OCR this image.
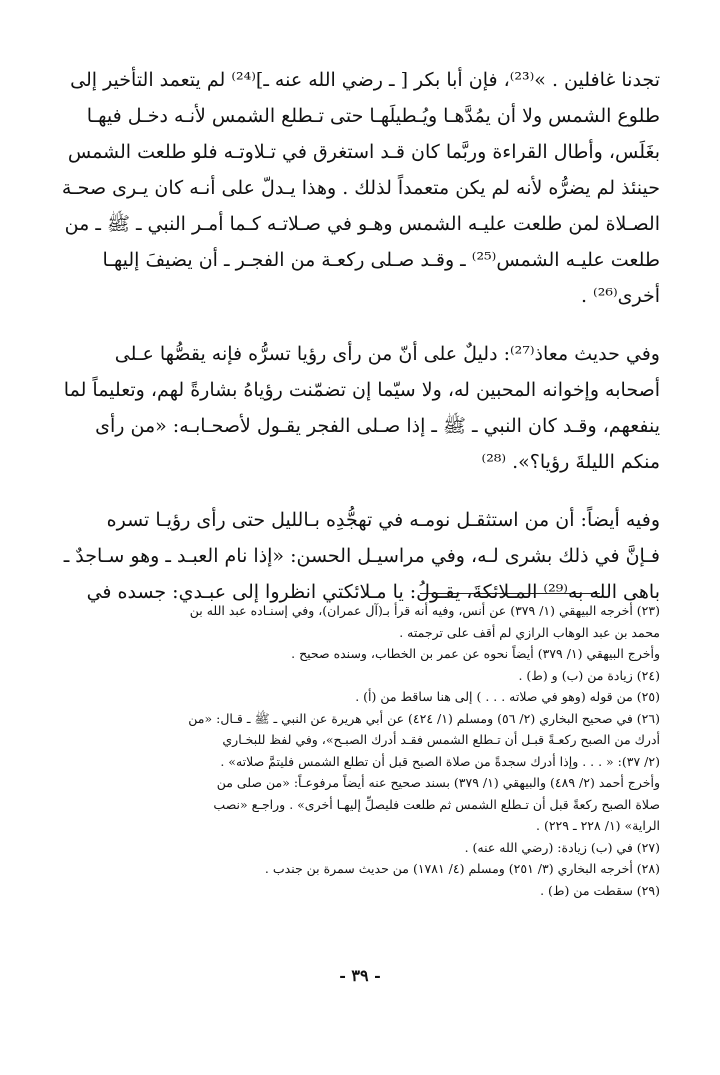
تجدنا غافلين . »⁽²³⁾، فإن أبا بكر [ ـ رضي الله عنه ـ]⁽²⁴⁾ لم يتعمد التأخير إلى
طلوع الشمس ولا أن يمُدَّهـا ويُـطيلَهـا حتى تـطلع الشمس لأنـه دخـل فيهـا
بغَلَس، وأطال القراءة وربَّما كان قـد استغرق في تـلاوتـه فلو طلعت الشمس
حينئذ لم يضرُّه لأنه لم يكن متعمداً لذلك . وهذا يـدلّ على أنـه كان يـرى صحـة
الصـلاة لمن طلعت عليـه الشمس وهـو في صـلاتـه كـما أمـر النبي ـ ﷺ ـ من
طلعت عليـه الشمس⁽²⁵⁾ ـ وقـد صـلى ركعـة من الفجـر ـ أن يضيفَ إليهـا
أخرى⁽²⁶⁾ .
وفي حديث معاذ⁽²⁷⁾: دليلٌ على أنّ من رأى رؤيا تسرُّه فإنه يقصُّها عـلى
أصحابه وإخوانه المحبين له، ولا سيّما إن تضمّنت رؤياهُ بشارةً لهم، وتعليماً لما
ينفعهم، وقـد كان النبي ـ ﷺ ـ إذا صـلى الفجر يقـول لأصحـابـه: «من رأى
منكم الليلةَ رؤيا؟». ⁽²⁸⁾
وفيه أيضاً: أن من استثقـل نومـه في تهجُّدِه بـالليل حتى رأى رؤيـا تسره
فـإنَّ في ذلك بشرى لـه، وفي مراسيـل الحسن: «إذا نام العبـد ـ وهو سـاجدٌ ـ
باهى الله به⁽²⁹⁾ المـلائكةَ، يقـولُ: يا مـلائكتي انظروا إلى عبـدي: جسده في
(٢٣) أخرجه البيهقي (١/ ٣٧٩) عن أنس، وفيه أنه قرأ بـ(آل عمران)، وفي إسنـاده عبد الله بن
محمد بن عبد الوهاب الرازي لم أقف على ترجمته .
وأخرج البيهقي (١/ ٣٧٩) أيضاً نحوه عن عمر بن الخطاب، وسنده صحيح .
(٢٤) زيادة من (ب) و (ط) .
(٢٥) من قوله (وهو في صلاته . . . ) إلى هنا ساقط من (أ) .
(٢٦) في صحيح البخاري (٢/ ٥٦) ومسلم (١/ ٤٢٤) عن أبي هريرة عن النبي ـ ﷺ ـ قـال: «من
أدرك من الصبح ركعـةً قبـل أن تـطلع الشمس فقـد أدرك الصبـح»، وفي لفظ للبخـاري
(٢/ ٣٧): « . . . وإذا أدرك سجدةً من صلاة الصبح قبل أن تطلع الشمس فليتمَّ صلاته» .
وأخرج أحمد (٢/ ٤٨٩) والبيهقي (١/ ٣٧٩) بسند صحيح عنه أيضاً مرفوعـاً: «من صلى من
صلاة الصبح ركعةً قبل أن تـطلع الشمس ثم طلعت فليصلِّ إليهـا أخرى» . وراجـع «نصب
الراية» (١/ ٢٢٨ ـ ٢٢٩) .
(٢٧) في (ب) زيادة: (رضي الله عنه) .
(٢٨) أخرجه البخاري (٣/ ٢٥١) ومسلم (٤/ ١٧٨١) من حديث سمرة بن جندب .
(٢٩) سقطت من (ط) .
- ٣٩ -
